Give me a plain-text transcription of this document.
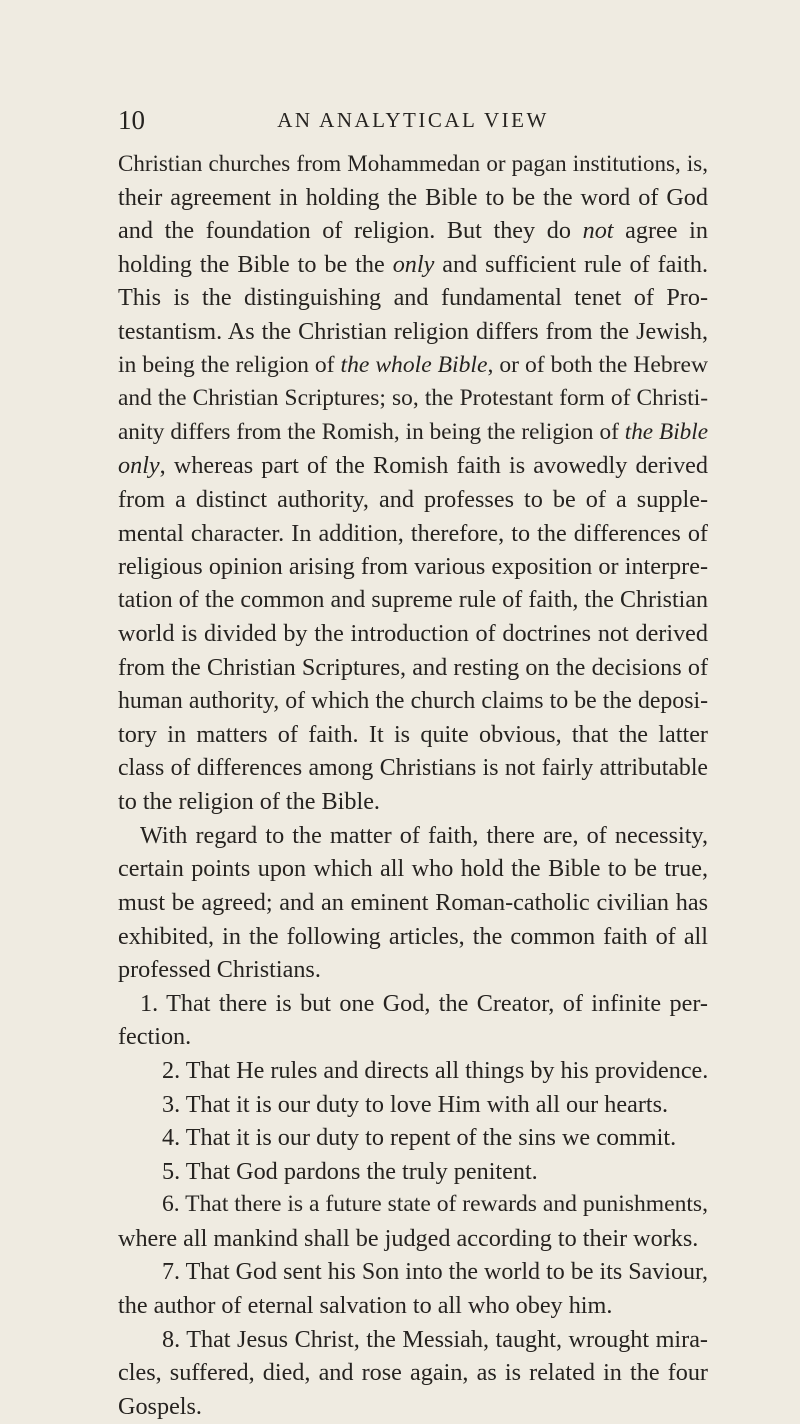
10	AN ANALYTICAL VIEW
Christian churches from Mohammedan or pagan institutions, is,
their agreement in holding the Bible to be the word of God
and the foundation of religion. But they do not agree in
holding the Bible to be the only and sufficient rule of faith.
This is the distinguishing and fundamental tenet of Pro-
testantism. As the Christian religion differs from the Jewish,
in being the religion of the whole Bible, or of both the Hebrew
and the Christian Scriptures; so, the Protestant form of Christi-
anity differs from the Romish, in being the religion of the Bible
only, whereas part of the Romish faith is avowedly derived
from a distinct authority, and professes to be of a supple-
mental character. In addition, therefore, to the differences of
religious opinion arising from various exposition or interpre-
tation of the common and supreme rule of faith, the Christian
world is divided by the introduction of doctrines not derived
from the Christian Scriptures, and resting on the decisions of
human authority, of which the church claims to be the deposi-
tory in matters of faith. It is quite obvious, that the latter
class of differences among Christians is not fairly attributable
to the religion of the Bible.
With regard to the matter of faith, there are, of necessity,
certain points upon which all who hold the Bible to be true,
must be agreed; and an eminent Roman-catholic civilian has
exhibited, in the following articles, the common faith of all
professed Christians.
1. That there is but one God, the Creator, of infinite per-
fection.
2. That He rules and directs all things by his providence.
3. That it is our duty to love Him with all our hearts.
4. That it is our duty to repent of the sins we commit.
5. That God pardons the truly penitent.
6. That there is a future state of rewards and punishments,
where all mankind shall be judged according to their works.
7. That God sent his Son into the world to be its Saviour,
the author of eternal salvation to all who obey him.
8. That Jesus Christ, the Messiah, taught, wrought mira-
cles, suffered, died, and rose again, as is related in the four
Gospels.
